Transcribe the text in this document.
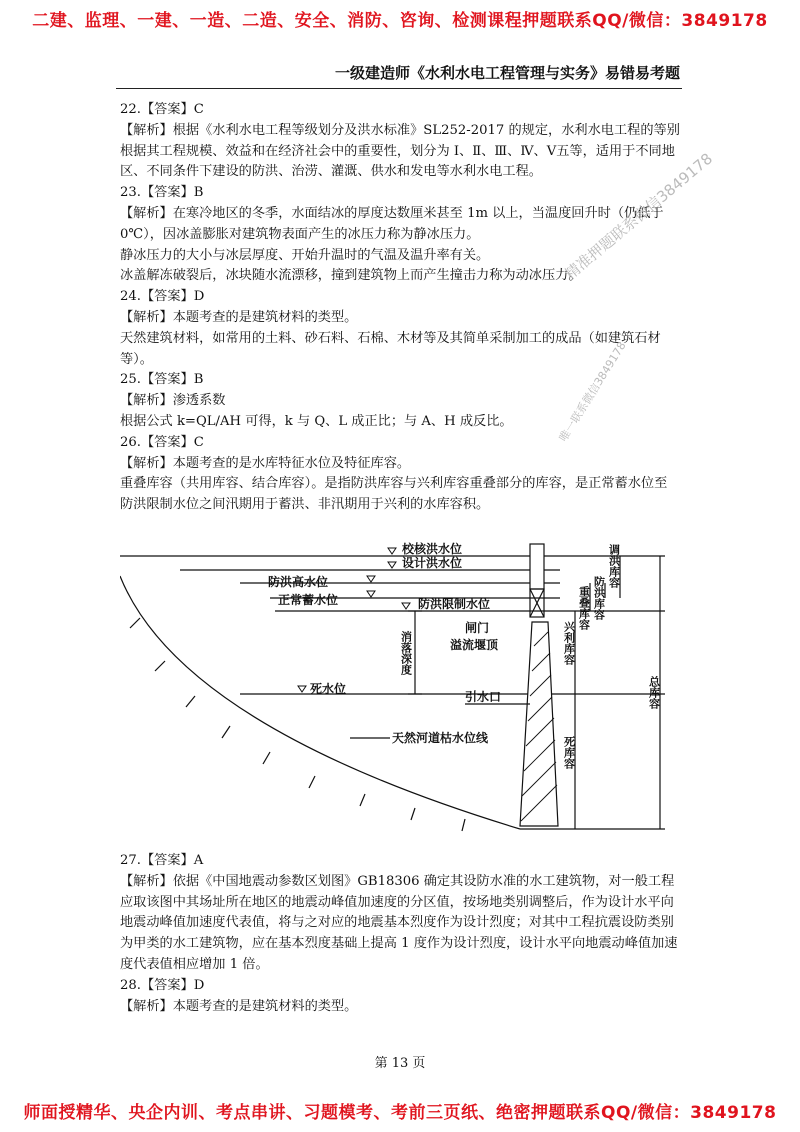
二建、监理、一建、一造、二造、安全、消防、咨询、检测课程押题联系QQ/微信：3849178
一级建造师《水利水电工程管理与实务》易错易考题

22.【答案】C

【解析】根据《水利水电工程等级划分及洪水标准》SL252-2017 的规定，水利水电工程的等别根据其工程规模、效益和在经济社会中的重要性，划分为 Ⅰ、Ⅱ、Ⅲ、Ⅳ、Ⅴ五等，适用于不同地区、不同条件下建设的防洪、治涝、灌溉、供水和发电等水利水电工程。

23.【答案】B

【解析】在寒冷地区的冬季，水面结冰的厚度达数厘米甚至 1m 以上，当温度回升时（仍低于 0℃），因冰盖膨胀对建筑物表面产生的冰压力称为静冰压力。

静冰压力的大小与冰层厚度、开始升温时的气温及温升率有关。

冰盖解冻破裂后，冰块随水流漂移，撞到建筑物上而产生撞击力称为动冰压力。

24.【答案】D

【解析】本题考查的是建筑材料的类型。

天然建筑材料，如常用的土料、砂石料、石棉、木材等及其简单采制加工的成品（如建筑石材等）。

25.【答案】B

【解析】渗透系数

根据公式 k=QL/AH 可得，k 与 Q、L 成正比；与 A、H 成反比。

26.【答案】C

【解析】本题考查的是水库特征水位及特征库容。

重叠库容（共用库容、结合库容）。是指防洪库容与兴利库容重叠部分的库容，是正常蓄水位至防洪限制水位之间汛期用于蓄洪、非汛期用于兴利的水库容积。

精准押题联系微信3849178
唯一联系微信3849178
校核洪水位
设计洪水位
防洪高水位
正常蓄水位	防洪限制水位
闸门
溢流堰顶
死水位
引水口
天然河道枯水位线
消落深度	兴利库容
重叠库容 防洪库容
调洪库容
死库容
总库容

27.【答案】A

【解析】依据《中国地震动参数区划图》GB18306 确定其设防水准的水工建筑物，对一般工程应取该图中其场址所在地区的地震动峰值加速度的分区值，按场地类别调整后，作为设计水平向地震动峰值加速度代表值，将与之对应的地震基本烈度作为设计烈度；对其中工程抗震设防类别为甲类的水工建筑物，应在基本烈度基础上提高 1 度作为设计烈度，设计水平向地震动峰值加速度代表值相应增加 1 倍。

28.【答案】D

【解析】本题考查的是建筑材料的类型。

第 13 页
师面授精华、央企内训、考点串讲、习题模考、考前三页纸、绝密押题联系QQ/微信：3849178
